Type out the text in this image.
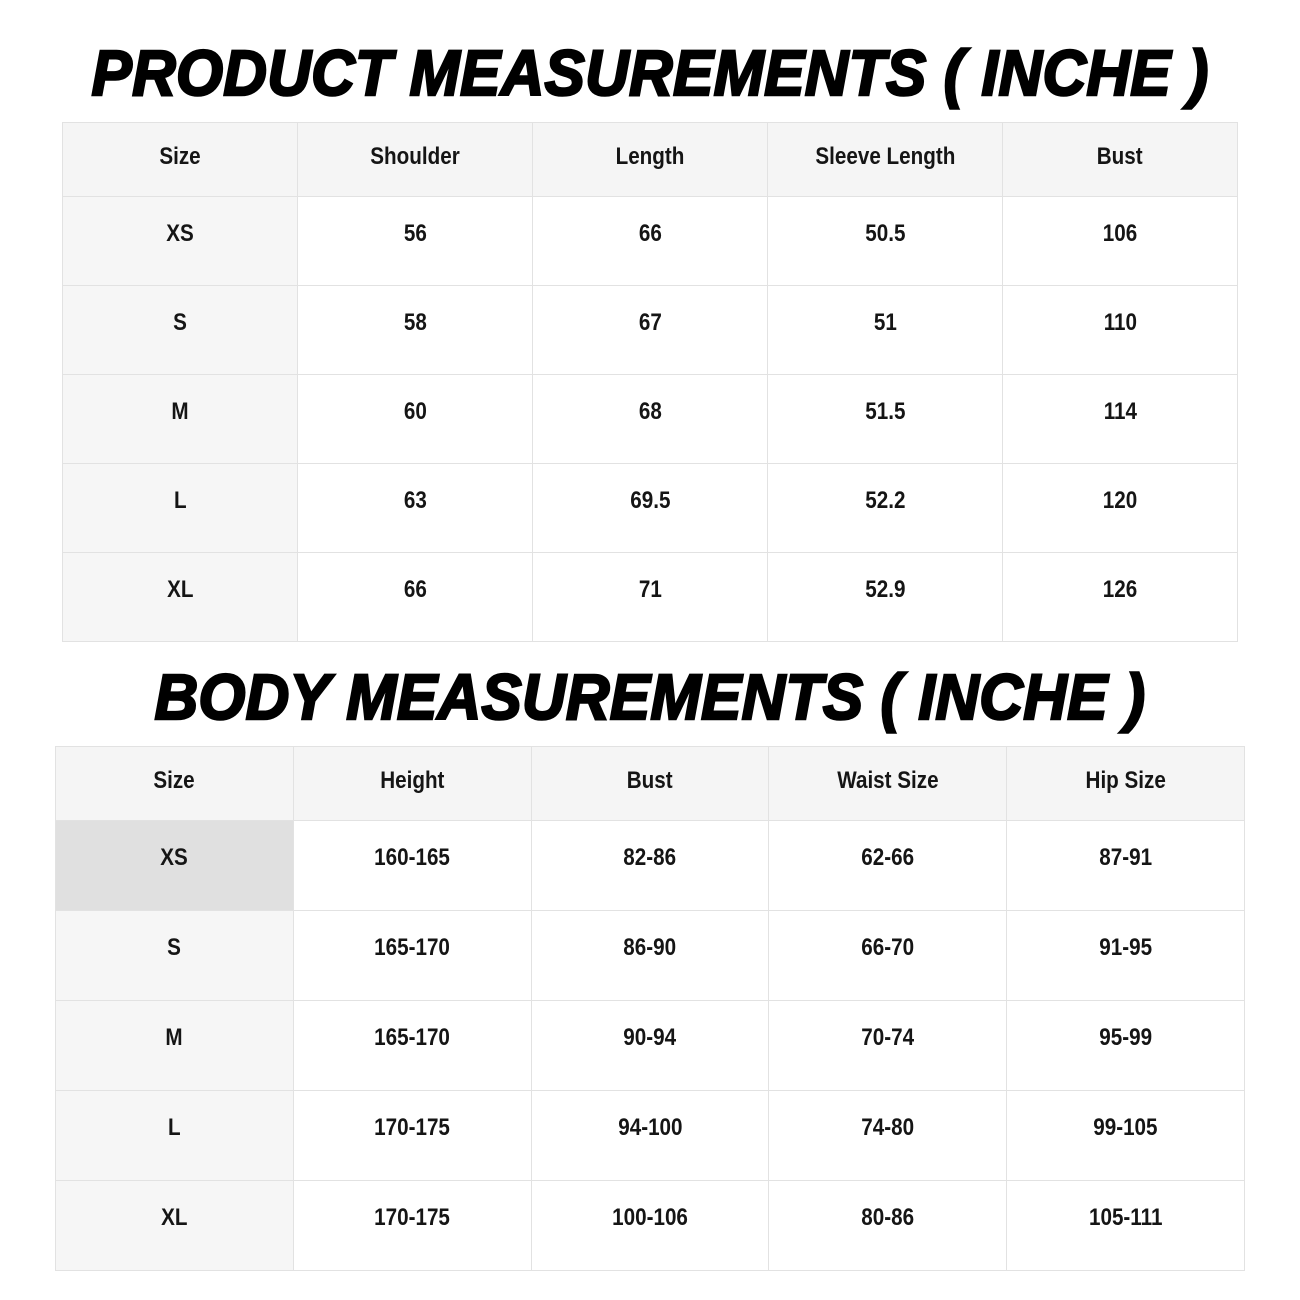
PRODUCT MEASUREMENTS ( INCHE )
Size	Shoulder	Length	Sleeve Length	Bust
XS	56	66	50.5	106
S	58	67	51	110
M	60	68	51.5	114
L	63	69.5	52.2	120
XL	66	71	52.9	126
BODY MEASUREMENTS ( INCHE )
Size	Height	Bust	Waist Size	Hip Size
XS	160-165	82-86	62-66	87-91
S	165-170	86-90	66-70	91-95
M	165-170	90-94	70-74	95-99
L	170-175	94-100	74-80	99-105
XL	170-175	100-106	80-86	105-111
